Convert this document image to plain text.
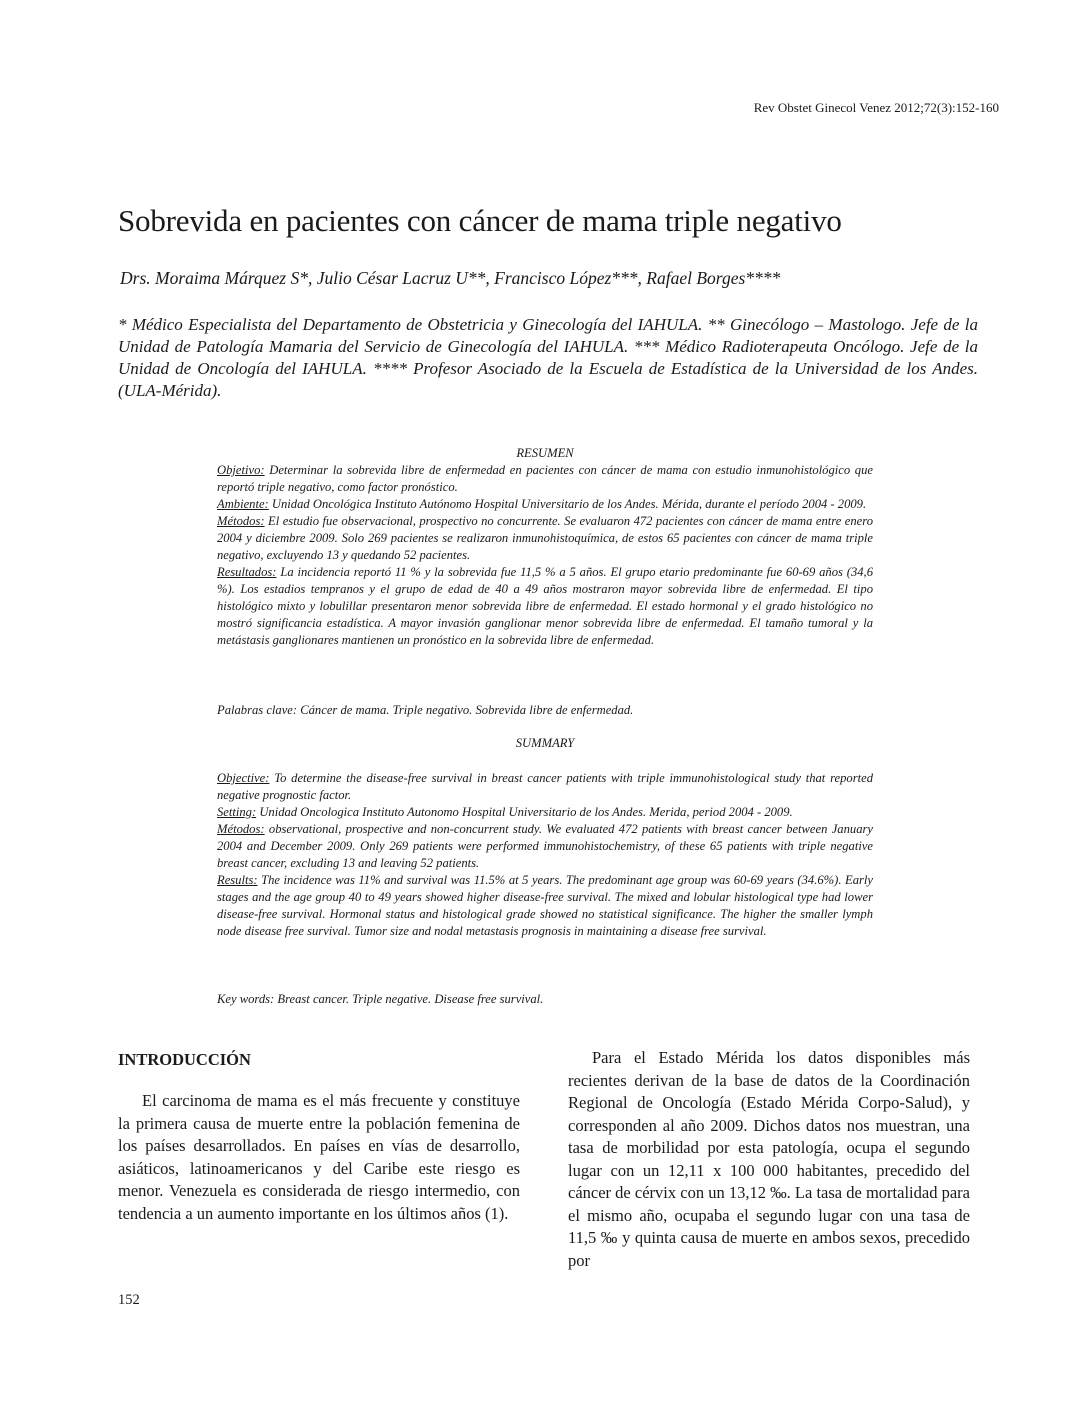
Rev Obstet Ginecol Venez 2012;72(3):152-160
Sobrevida en pacientes con cáncer de mama triple negativo
Drs. Moraima Márquez S*, Julio César Lacruz U**, Francisco López***, Rafael Borges****
* Médico Especialista del Departamento de Obstetricia y Ginecología del IAHULA. ** Ginecólogo – Mastologo. Jefe de la Unidad de Patología Mamaria del Servicio de Ginecología del IAHULA. *** Médico Radioterapeuta Oncólogo. Jefe de la Unidad de Oncología del IAHULA. **** Profesor Asociado de la Escuela de Estadística de la Universidad de los Andes. (ULA-Mérida).
RESUMEN

Objetivo: Determinar la sobrevida libre de enfermedad en pacientes con cáncer de mama con estudio inmunohistológico que reportó triple negativo, como factor pronóstico.

Ambiente: Unidad Oncológica Instituto Autónomo Hospital Universitario de los Andes. Mérida, durante el período 2004 - 2009.

Métodos: El estudio fue observacional, prospectivo no concurrente. Se evaluaron 472 pacientes con cáncer de mama entre enero 2004 y diciembre 2009. Solo 269 pacientes se realizaron inmunohistoquímica, de estos 65 pacientes con cáncer de mama triple negativo, excluyendo 13 y quedando 52 pacientes.

Resultados: La incidencia reportó 11 % y la sobrevida fue 11,5 % a 5 años. El grupo etario predominante fue 60-69 años (34,6 %). Los estadios tempranos y el grupo de edad de 40 a 49 años mostraron mayor sobrevida libre de enfermedad. El tipo histológico mixto y lobulillar presentaron menor sobrevida libre de enfermedad. El estado hormonal y el grado histológico no mostró significancia estadística. A mayor invasión ganglionar menor sobrevida libre de enfermedad. El tamaño tumoral y la metástasis ganglionares mantienen un pronóstico en la sobrevida libre de enfermedad.

Palabras clave: Cáncer de mama. Triple negativo. Sobrevida libre de enfermedad.
SUMMARY

Objective: To determine the disease-free survival in breast cancer patients with triple immunohistological study that reported negative prognostic factor.

Setting: Unidad Oncologica Instituto Autonomo Hospital Universitario de los Andes. Merida, period 2004 - 2009.

Métodos: observational, prospective and non-concurrent study. We evaluated 472 patients with breast cancer between January 2004 and December 2009. Only 269 patients were performed immunohistochemistry, of these 65 patients with triple negative breast cancer, excluding 13 and leaving 52 patients.

Results: The incidence was 11% and survival was 11.5% at 5 years. The predominant age group was 60-69 years (34.6%). Early stages and the age group 40 to 49 years showed higher disease-free survival. The mixed and lobular histological type had lower disease-free survival. Hormonal status and histological grade showed no statistical significance. The higher the smaller lymph node disease free survival. Tumor size and nodal metastasis prognosis in maintaining a disease free survival.

Key words: Breast cancer. Triple negative. Disease free survival.
INTRODUCCIÓN

El carcinoma de mama es el más frecuente y constituye la primera causa de muerte entre la población femenina de los países desarrollados. En países en vías de desarrollo, asiáticos, latinoamericanos y del Caribe este riesgo es menor. Venezuela es considerada de riesgo intermedio, con tendencia a un aumento importante en los últimos años (1).

Para el Estado Mérida los datos disponibles más recientes derivan de la base de datos de la Coordinación Regional de Oncología (Estado Mérida Corpo-Salud), y corresponden al año 2009. Dichos datos nos muestran, una tasa de morbilidad por esta patología, ocupa el segundo lugar con un 12,11 x 100 000 habitantes, precedido del cáncer de cérvix con un 13,12 ‰. La tasa de mortalidad para el mismo año, ocupaba el segundo lugar con una tasa de 11,5 ‰ y quinta causa de muerte en ambos sexos, precedido por

152
